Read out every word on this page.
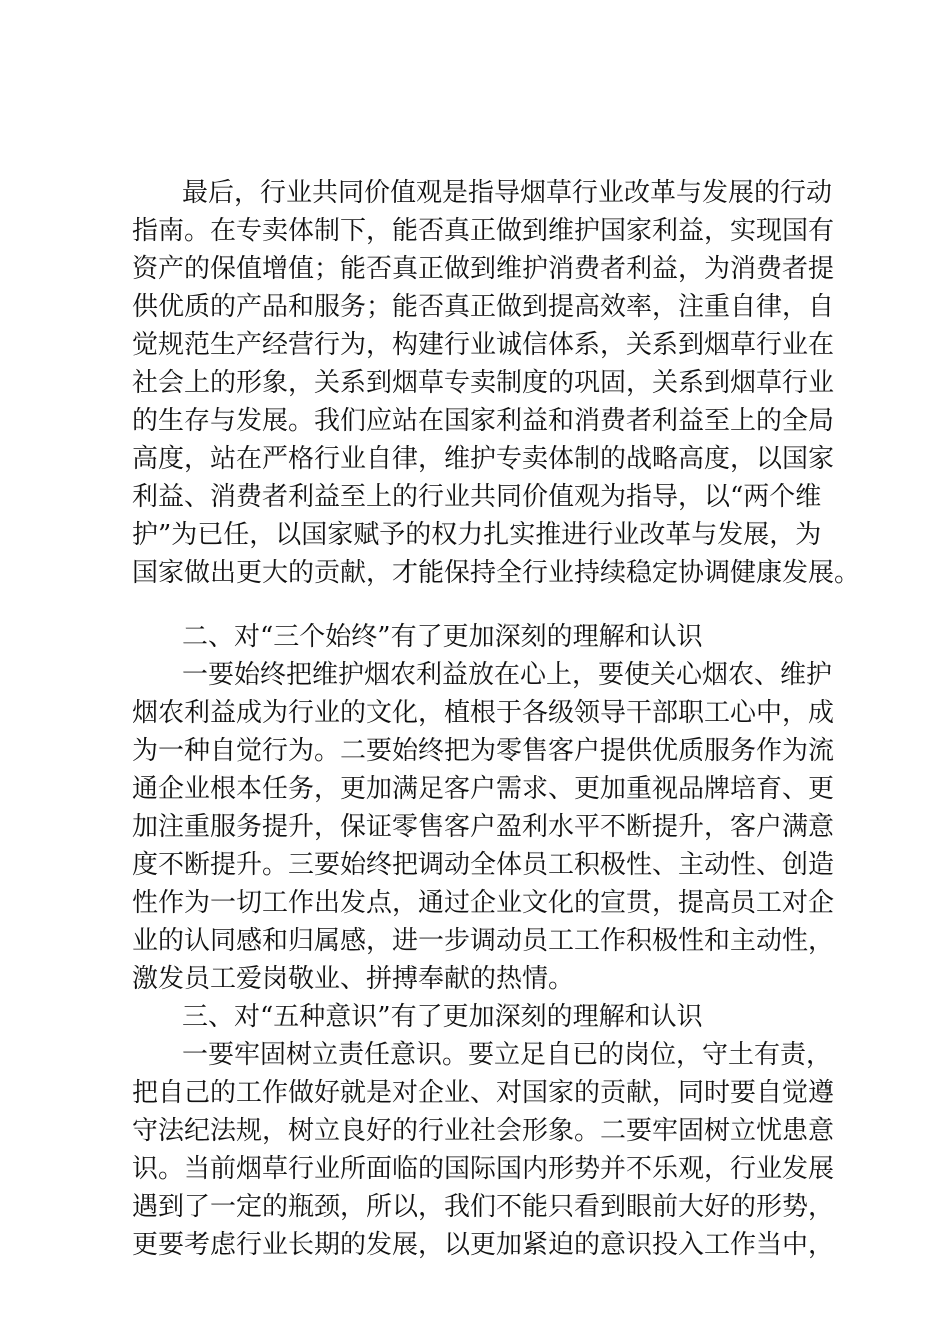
最后，行业共同价值观是指导烟草行业改革与发展的行动
指南。在专卖体制下，能否真正做到维护国家利益，实现国有
资产的保值增值；能否真正做到维护消费者利益，为消费者提
供优质的产品和服务；能否真正做到提高效率，注重自律，自
觉规范生产经营行为，构建行业诚信体系，关系到烟草行业在
社会上的形象，关系到烟草专卖制度的巩固，关系到烟草行业
的生存与发展。我们应站在国家利益和消费者利益至上的全局
高度，站在严格行业自律，维护专卖体制的战略高度，以国家
利益、消费者利益至上的行业共同价值观为指导，以“两个维
护”为已任，以国家赋予的权力扎实推进行业改革与发展，为
国家做出更大的贡献，才能保持全行业持续稳定协调健康发展。
二、对“三个始终”有了更加深刻的理解和认识
一要始终把维护烟农利益放在心上，要使关心烟农、维护
烟农利益成为行业的文化，植根于各级领导干部职工心中，成
为一种自觉行为。二要始终把为零售客户提供优质服务作为流
通企业根本任务，更加满足客户需求、更加重视品牌培育、更
加注重服务提升，保证零售客户盈利水平不断提升，客户满意
度不断提升。三要始终把调动全体员工积极性、主动性、创造
性作为一切工作出发点，通过企业文化的宣贯，提高员工对企
业的认同感和归属感，进一步调动员工工作积极性和主动性，
激发员工爱岗敬业、拼搏奉献的热情。
三、对“五种意识”有了更加深刻的理解和认识
一要牢固树立责任意识。要立足自已的岗位，守土有责，
把自己的工作做好就是对企业、对国家的贡献，同时要自觉遵
守法纪法规，树立良好的行业社会形象。二要牢固树立忧患意
识。当前烟草行业所面临的国际国内形势并不乐观，行业发展
遇到了一定的瓶颈，所以，我们不能只看到眼前大好的形势，
更要考虑行业长期的发展，以更加紧迫的意识投入工作当中，
